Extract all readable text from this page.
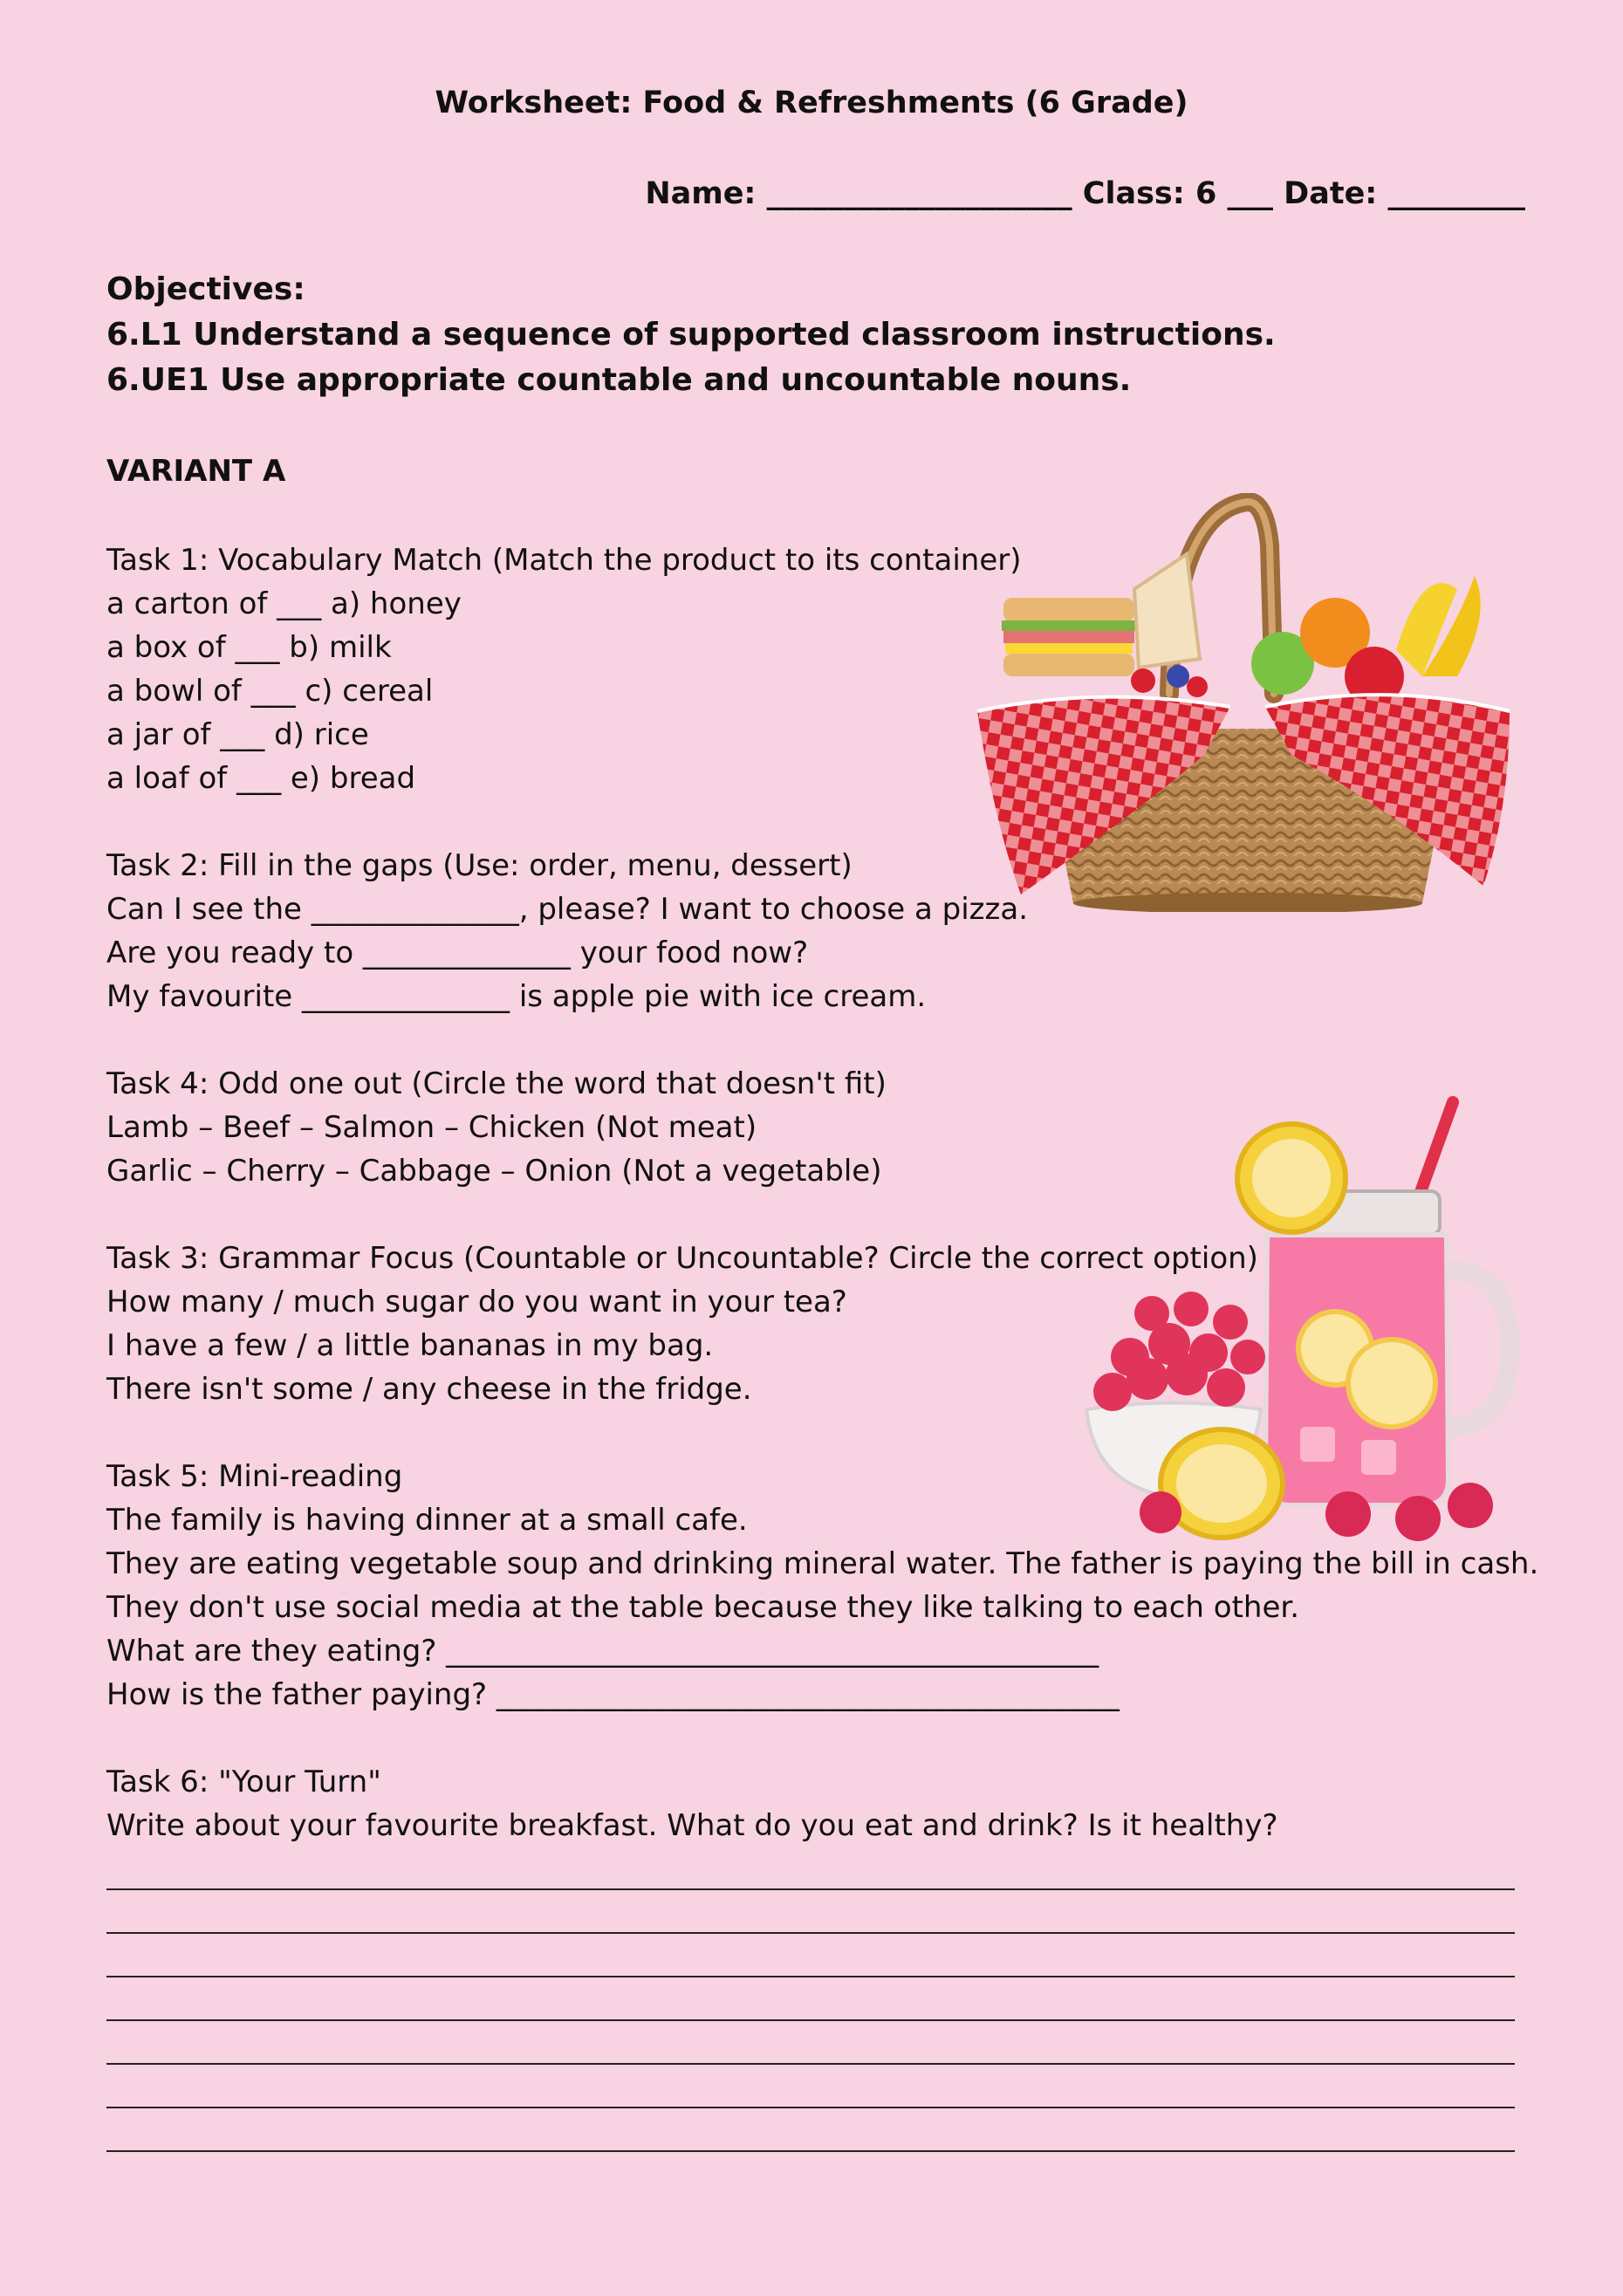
Worksheet: Food & Refreshments (6 Grade)
Name: ____________________ Class: 6 ___ Date: _________
Objectives:
6.L1 Understand a sequence of supported classroom instructions.
6.UE1 Use appropriate countable and uncountable nouns.
VARIANT A
Task 1: Vocabulary Match (Match the product to its container)
a carton of ___ a) honey
a box of ___ b) milk
a bowl of ___ c) cereal
a jar of ___ d) rice
a loaf of ___ e) bread
Task 2: Fill in the gaps (Use: order, menu, dessert)
Can I see the ______________, please? I want to choose a pizza.
Are you ready to ______________ your food now?
My favourite ______________ is apple pie with ice cream.
Task 4: Odd one out (Circle the word that doesn't fit)
Lamb – Beef – Salmon – Chicken (Not meat)
Garlic – Cherry – Cabbage – Onion (Not a vegetable)
Task 3: Grammar Focus (Countable or Uncountable? Circle the correct option)
How many / much sugar do you want in your tea?
I have a few / a little bananas in my bag.
There isn't some / any cheese in the fridge.
Task 5: Mini-reading
The family is having dinner at a small cafe.
They are eating vegetable soup and drinking mineral water. The father is paying the bill in cash.
They don't use social media at the table because they like talking to each other.
What are they eating? ____________________________________________
How is the father paying? __________________________________________
Task 6: "Your Turn"
Write about your favourite breakfast. What do you eat and drink? Is it healthy?
